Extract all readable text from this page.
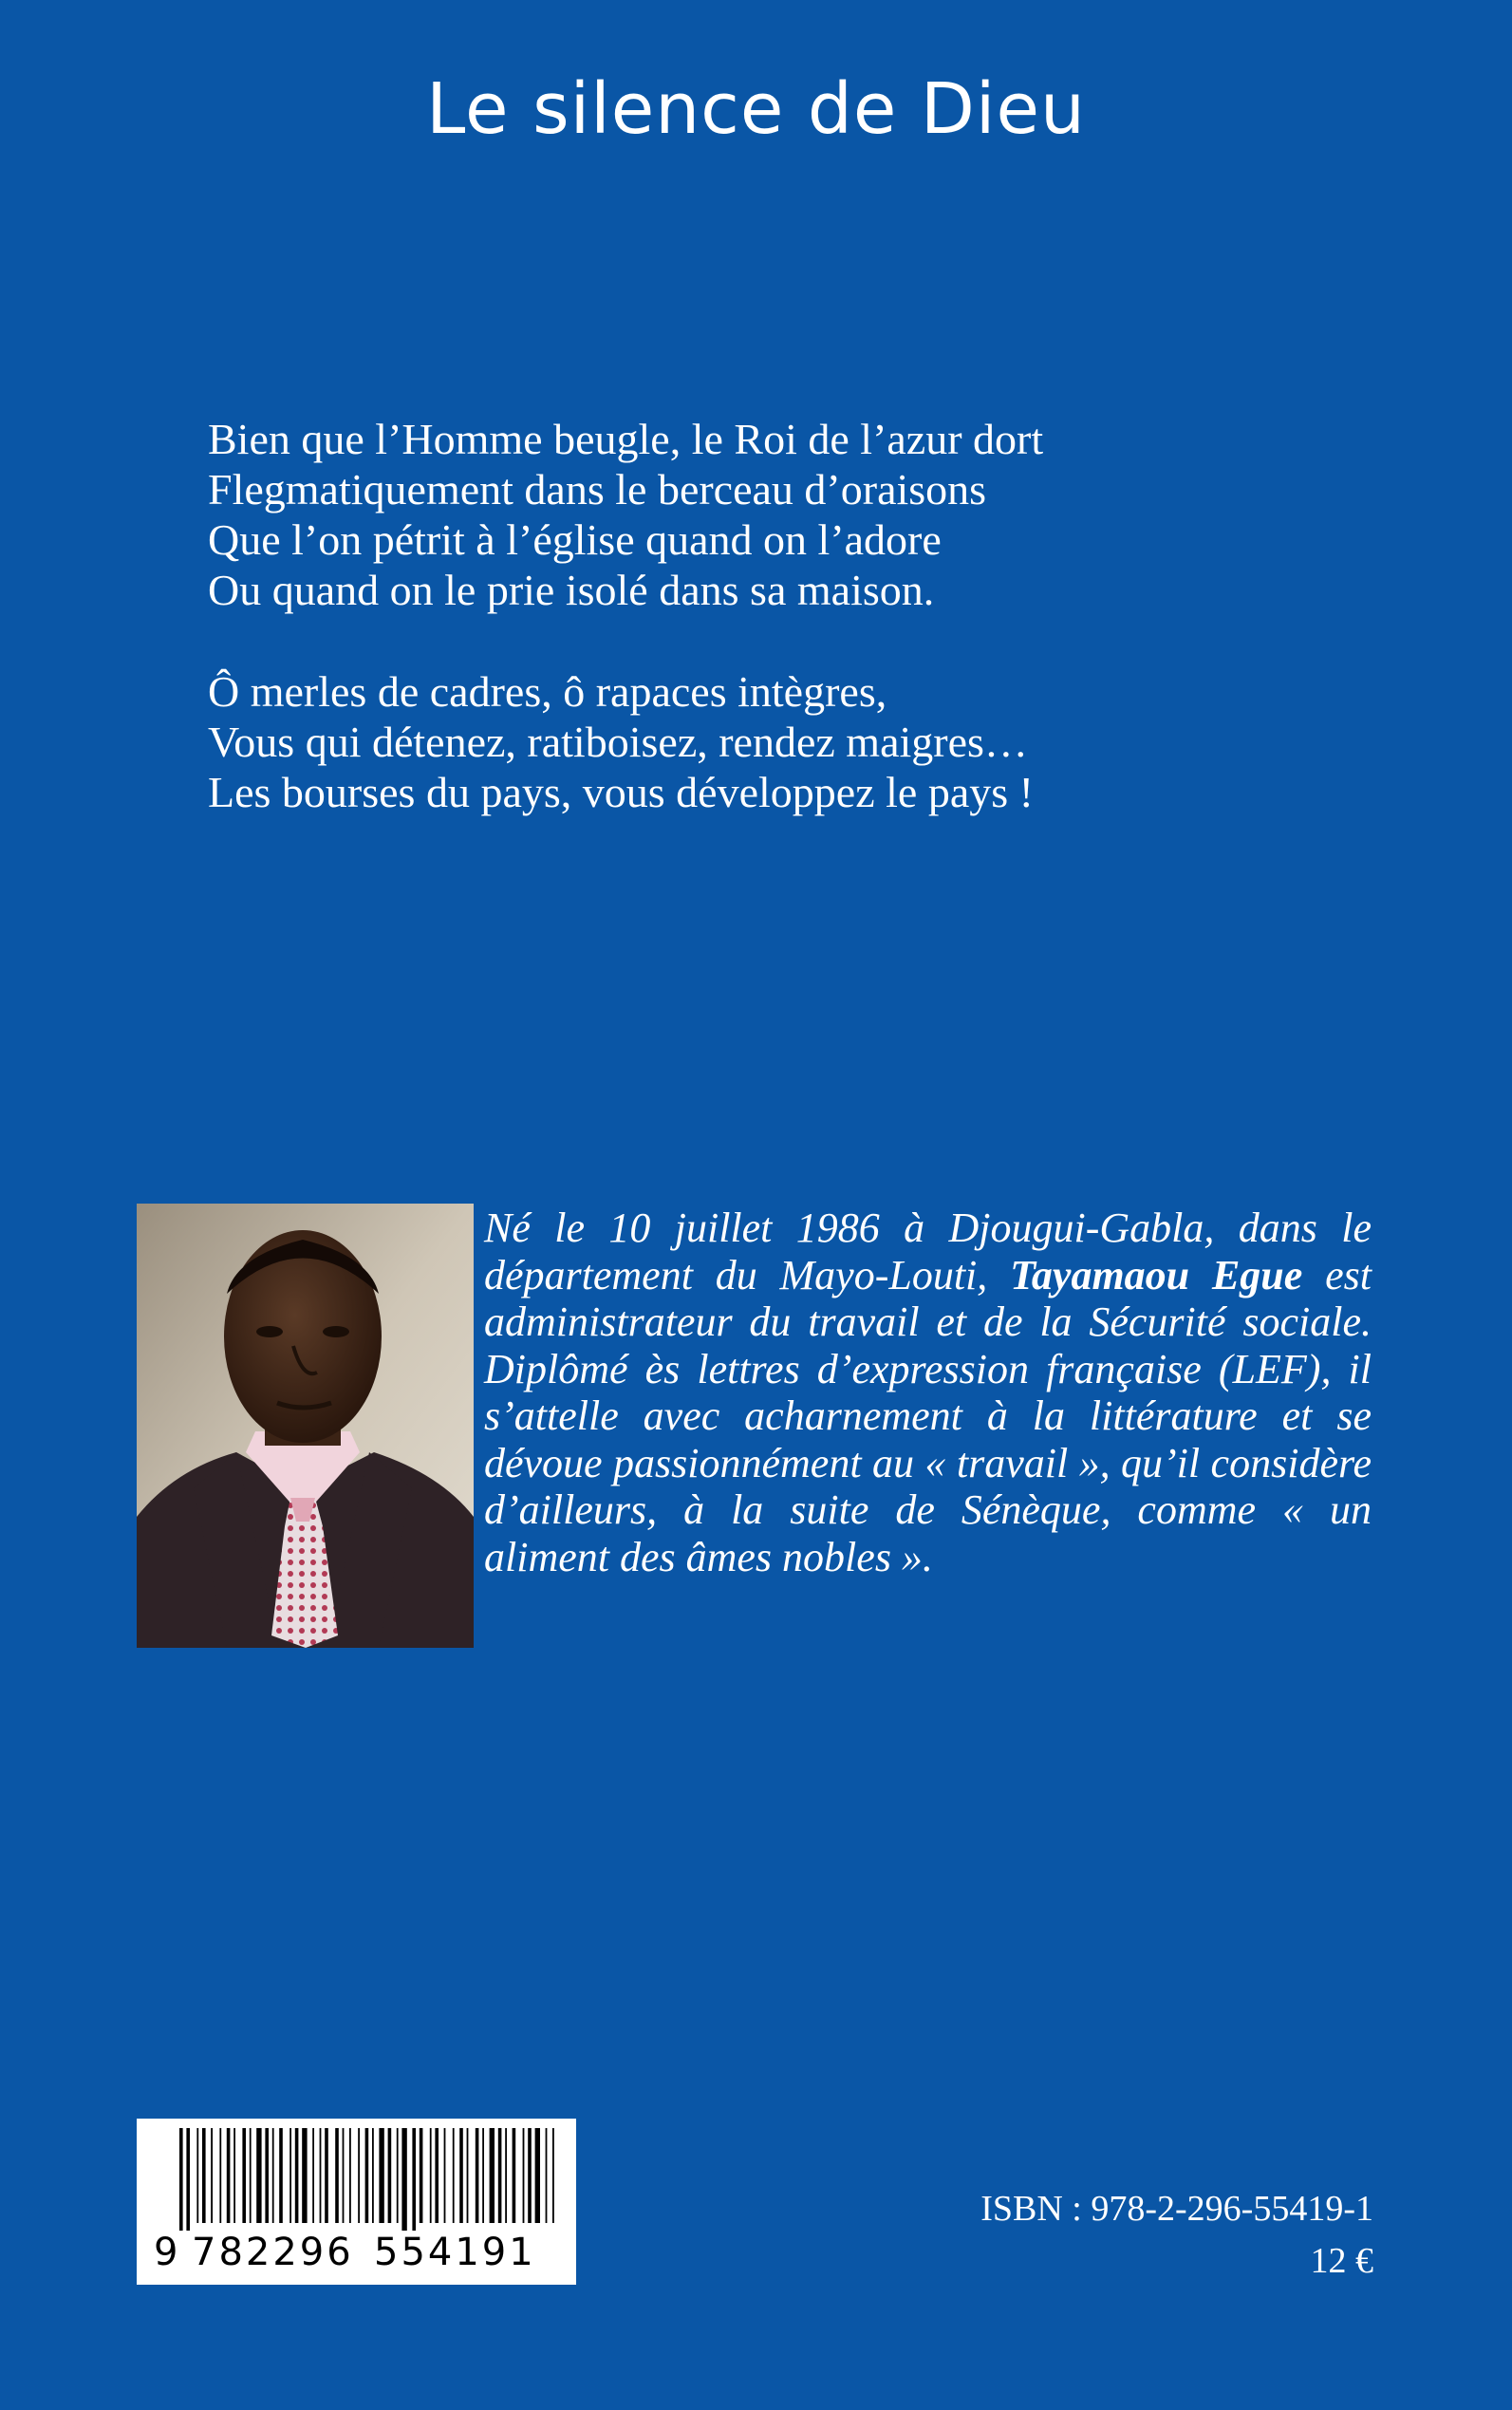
Le silence de Dieu
Bien que l’Homme beugle, le Roi de l’azur dort
Flegmatiquement dans le berceau d’oraisons
Que l’on pétrit à l’église quand on l’adore
Ou quand on le prie isolé dans sa maison.
Ô merles de cadres, ô rapaces intègres,
Vous qui détenez, ratiboisez, rendez maigres…
Les bourses du pays, vous développez le pays !
Né le 10 juillet 1986 à Djougui-Gabla, dans le département du Mayo-Louti, Tayamaou Egue est administrateur du travail et de la Sécurité sociale. Diplômé ès lettres d’expression française (LEF), il s’attelle avec acharnement à la littérature et se dévoue passionnément au « travail », qu’il considère d’ailleurs, à la suite de Sénèque, comme « un aliment des âmes nobles ».
9 782296 554191
ISBN : 978-2-296-55419-1
12 €
